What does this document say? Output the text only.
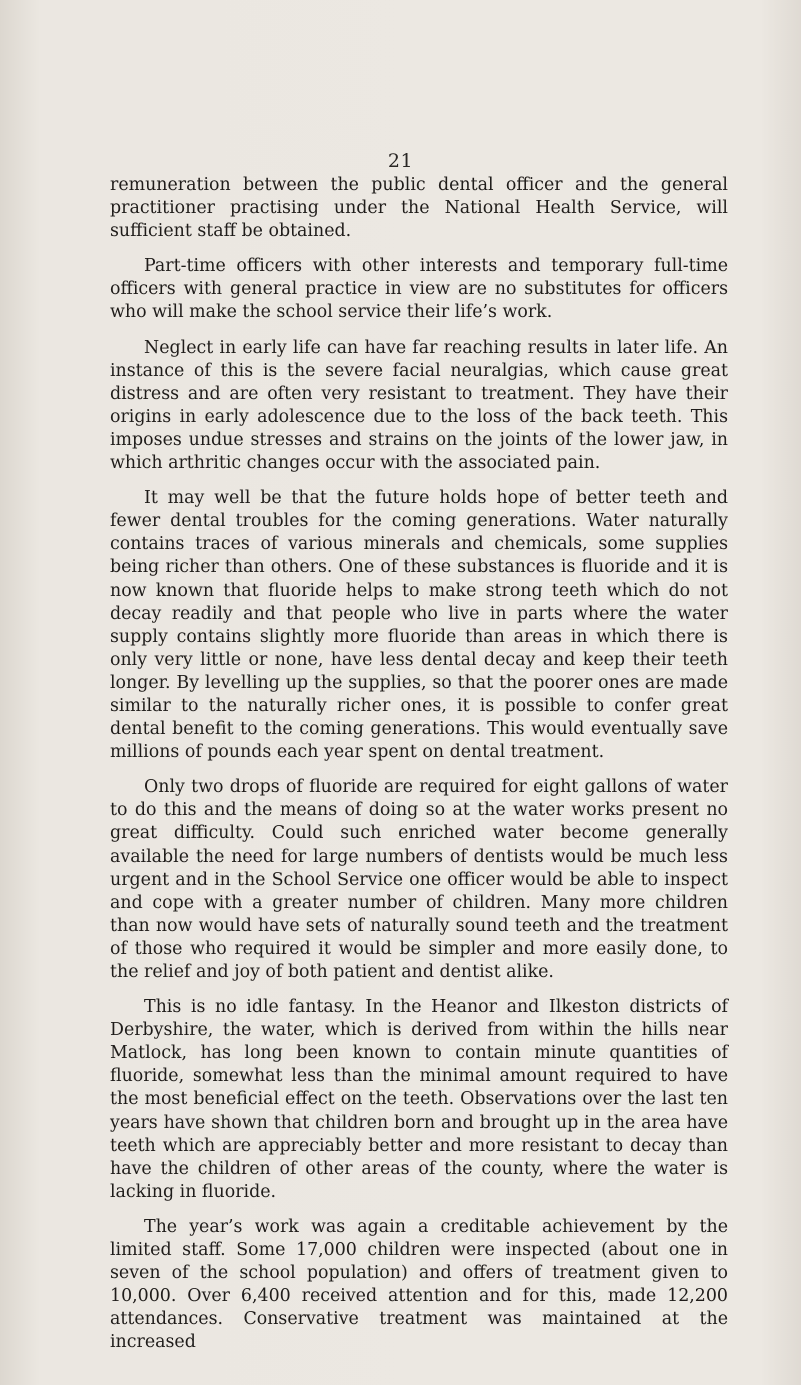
21

remuneration between the public dental officer and the general practitioner practising under the National Health Service, will sufficient staff be obtained.

Part-time officers with other interests and temporary full-time officers with general practice in view are no substitutes for officers who will make the school service their life’s work.

Neglect in early life can have far reaching results in later life. An instance of this is the severe facial neuralgias, which cause great distress and are often very resistant to treatment. They have their origins in early adolescence due to the loss of the back teeth. This imposes undue stresses and strains on the joints of the lower jaw, in which arthritic changes occur with the associated pain.

It may well be that the future holds hope of better teeth and fewer dental troubles for the coming generations. Water naturally contains traces of various minerals and chemicals, some supplies being richer than others. One of these substances is fluoride and it is now known that fluoride helps to make strong teeth which do not decay readily and that people who live in parts where the water supply contains slightly more fluoride than areas in which there is only very little or none, have less dental decay and keep their teeth longer. By levelling up the supplies, so that the poorer ones are made similar to the naturally richer ones, it is possible to confer great dental benefit to the coming generations. This would eventually save millions of pounds each year spent on dental treatment.

Only two drops of fluoride are required for eight gallons of water to do this and the means of doing so at the water works present no great difficulty. Could such enriched water become generally available the need for large numbers of dentists would be much less urgent and in the School Service one officer would be able to inspect and cope with a greater number of children. Many more children than now would have sets of naturally sound teeth and the treatment of those who required it would be simpler and more easily done, to the relief and joy of both patient and dentist alike.

This is no idle fantasy. In the Heanor and Ilkeston districts of Derbyshire, the water, which is derived from within the hills near Matlock, has long been known to contain minute quantities of fluoride, somewhat less than the minimal amount required to have the most beneficial effect on the teeth. Observations over the last ten years have shown that children born and brought up in the area have teeth which are appreciably better and more resistant to decay than have the children of other areas of the county, where the water is lacking in fluoride.

The year’s work was again a creditable achievement by the limited staff. Some 17,000 children were inspected (about one in seven of the school population) and offers of treatment given to 10,000. Over 6,400 received attention and for this, made 12,200 attendances. Conservative treatment was maintained at the increased
